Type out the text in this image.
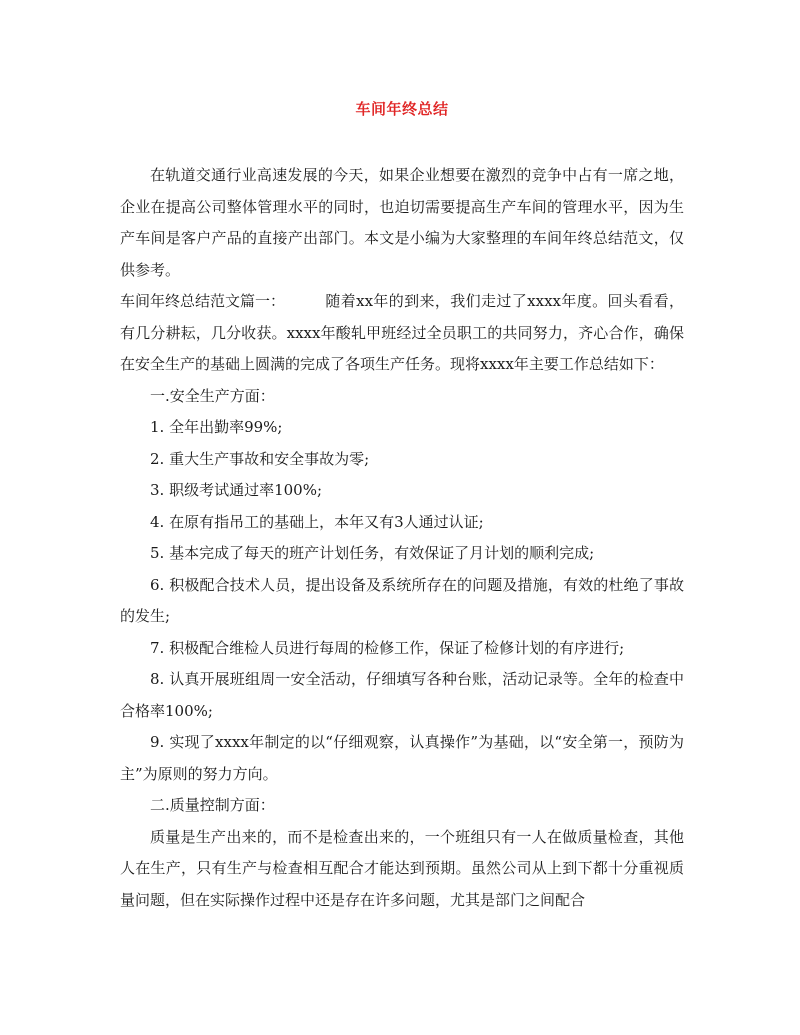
车间年终总结

在轨道交通行业高速发展的今天，如果企业想要在激烈的竞争中占有一席之地，企业在提高公司整体管理水平的同时，也迫切需要提高生产车间的管理水平，因为生产车间是客户产品的直接产出部门。本文是小编为大家整理的车间年终总结范文，仅供参考。

车间年终总结范文篇一：	随着xx年的到来，我们走过了xxxx年度。回头看看，有几分耕耘，几分收获。xxxx年酸轧甲班经过全员职工的共同努力，齐心合作，确保在安全生产的基础上圆满的完成了各项生产任务。现将xxxx年主要工作总结如下：

一.安全生产方面：

1. 全年出勤率99%;

2. 重大生产事故和安全事故为零;

3. 职级考试通过率100%;

4. 在原有指吊工的基础上，本年又有3人通过认证;

5. 基本完成了每天的班产计划任务，有效保证了月计划的顺利完成;

6. 积极配合技术人员，提出设备及系统所存在的问题及措施，有效的杜绝了事故的发生;

7. 积极配合维检人员进行每周的检修工作，保证了检修计划的有序进行;

8. 认真开展班组周一安全活动，仔细填写各种台账，活动记录等。全年的检查中合格率100%;

9. 实现了xxxx年制定的以“仔细观察，认真操作”为基础，以“安全第一，预防为主”为原则的努力方向。

二.质量控制方面：

质量是生产出来的，而不是检查出来的，一个班组只有一人在做质量检查，其他人在生产，只有生产与检查相互配合才能达到预期。虽然公司从上到下都十分重视质量问题，但在实际操作过程中还是存在许多问题，尤其是部门之间配合
